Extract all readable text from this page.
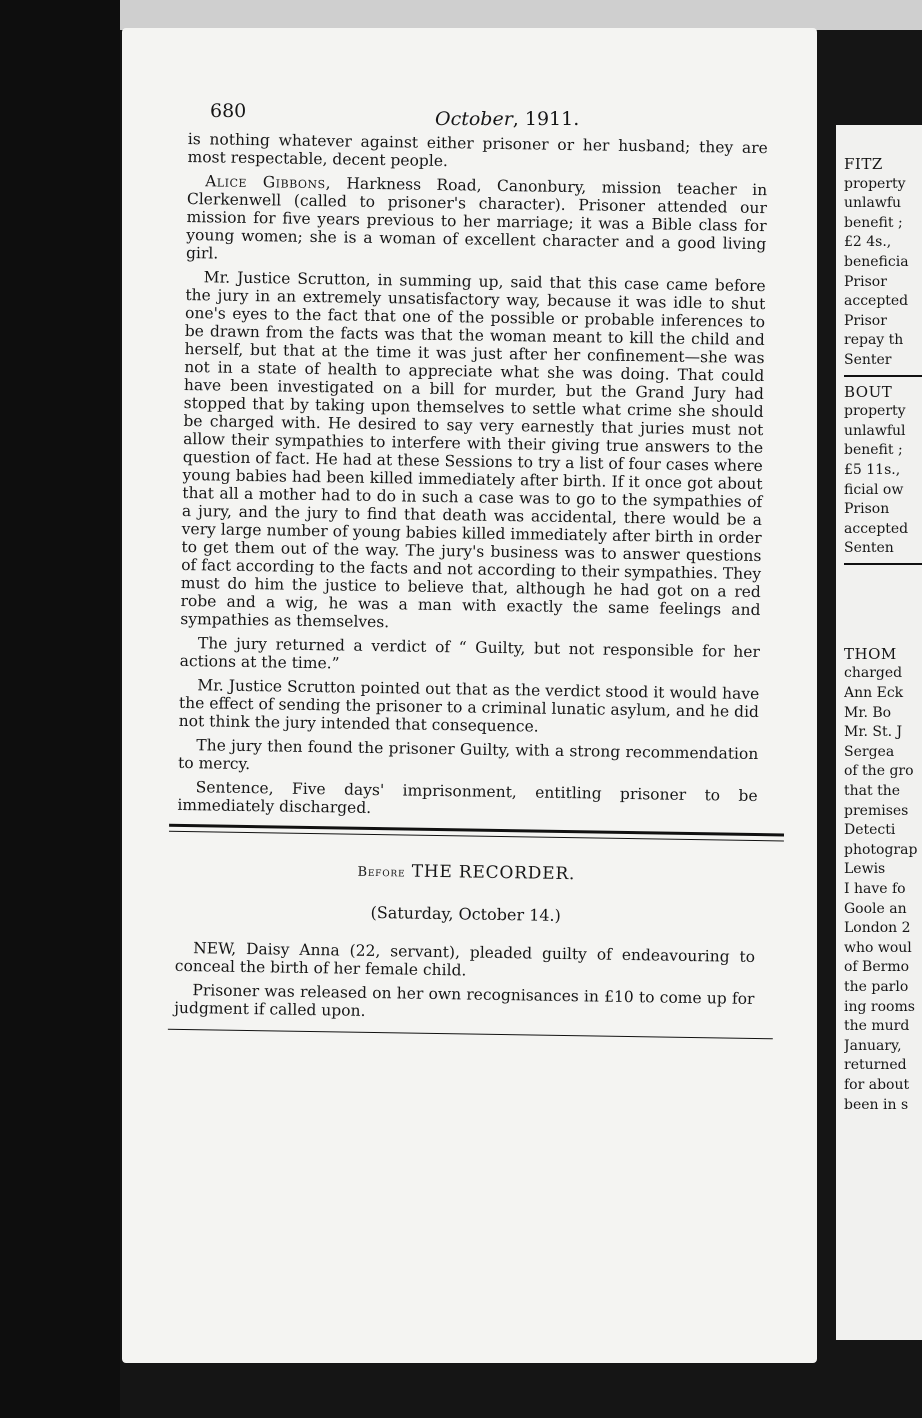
680	October, 1911.

is nothing whatever against either prisoner or her husband; they are most respectable, decent people.

Alice Gibbons, Harkness Road, Canonbury, mission teacher in Clerkenwell (called to prisoner's character). Prisoner attended our mission for five years previous to her marriage; it was a Bible class for young women; she is a woman of excellent character and a good living girl.

Mr. Justice Scrutton, in summing up, said that this case came before the jury in an extremely unsatisfactory way, because it was idle to shut one's eyes to the fact that one of the possible or probable inferences to be drawn from the facts was that the woman meant to kill the child and herself, but that at the time it was just after her confinement—she was not in a state of health to appreciate what she was doing. That could have been investigated on a bill for murder, but the Grand Jury had stopped that by taking upon themselves to settle what crime she should be charged with. He desired to say very earnestly that juries must not allow their sympathies to interfere with their giving true answers to the question of fact. He had at these Sessions to try a list of four cases where young babies had been killed immediately after birth. If it once got about that all a mother had to do in such a case was to go to the sympathies of a jury, and the jury to find that death was accidental, there would be a very large number of young babies killed immediately after birth in order to get them out of the way. The jury's business was to answer questions of fact according to the facts and not according to their sympathies. They must do him the justice to believe that, although he had got on a red robe and a wig, he was a man with exactly the same feelings and sympathies as themselves.

The jury returned a verdict of “ Guilty, but not responsible for her actions at the time.”

Mr. Justice Scrutton pointed out that as the verdict stood it would have the effect of sending the prisoner to a criminal lunatic asylum, and he did not think the jury intended that consequence.

The jury then found the prisoner Guilty, with a strong recommendation to mercy.

Sentence, Five days' imprisonment, entitling prisoner to be immediately discharged.

Before THE RECORDER.
(Saturday, October 14.)

NEW, Daisy Anna (22, servant), pleaded guilty of endeavouring to conceal the birth of her female child.

Prisoner was released on her own recognisances in £10 to come up for judgment if called upon.

FITZ
property
unlawfu
benefit ;
£2 4s.,
beneficia
Prisor
accepted
Prisor
repay th
Senter
BOUT
property
unlawful
benefit ;
£5 11s.,
ficial ow
Prison
accepted
Senten
THOM
charged
Ann Eck
Mr. Bo
Mr. St. J
Sergea
of the gro
that the
premises
Detecti
photograp
Lewis
I have fo
Goole an
London 2
who woul
of Bermo
the parlo
ing rooms
the murd
January,
returned
for about
been in s
